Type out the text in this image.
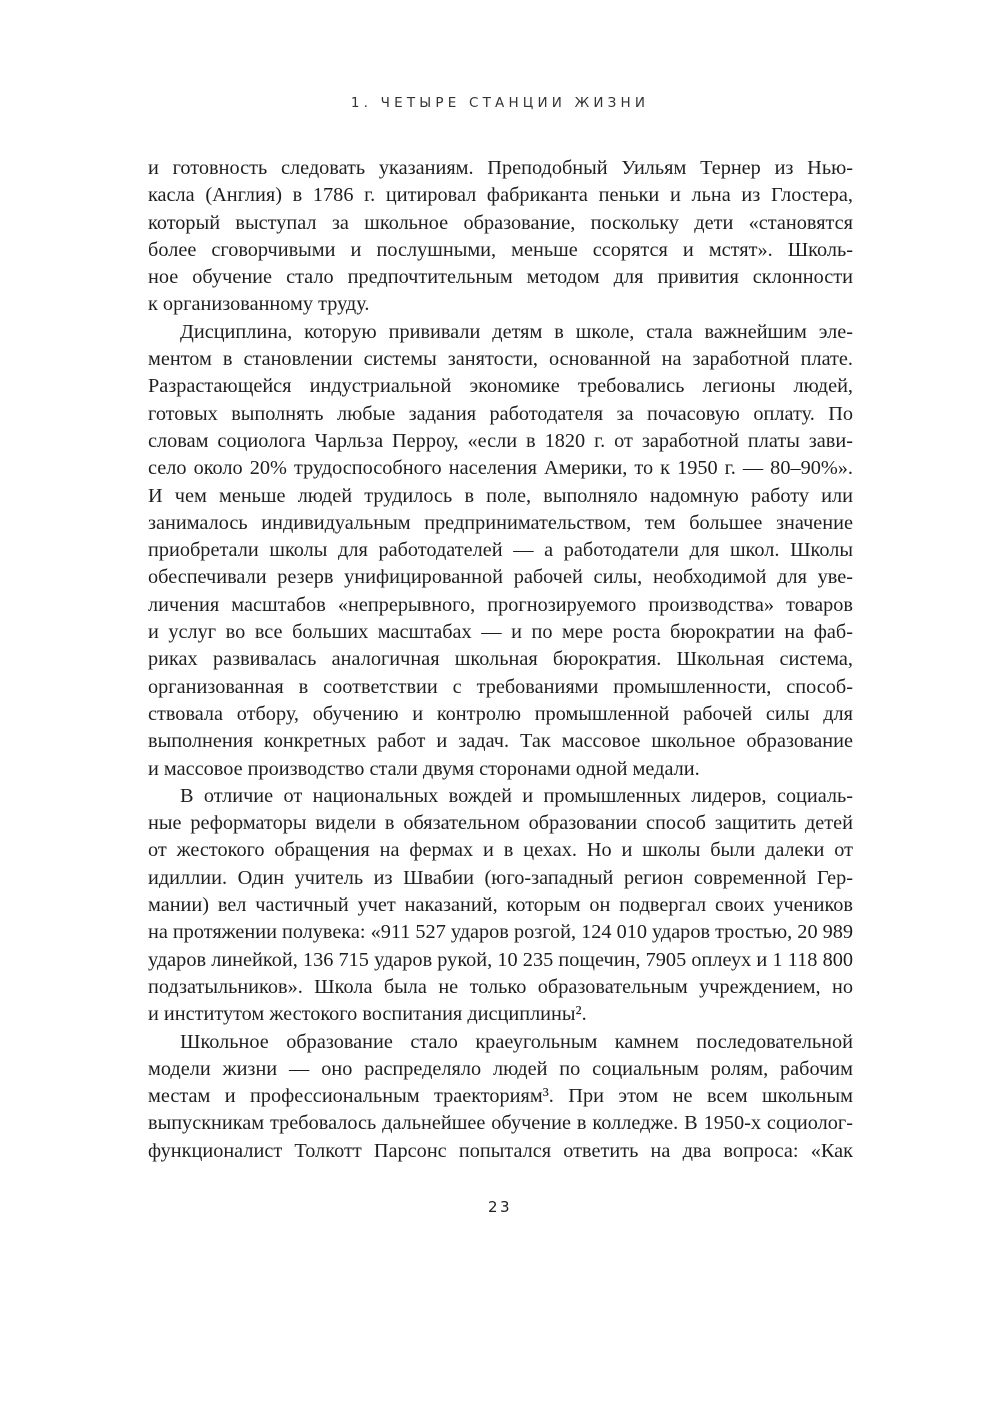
1. ЧЕТЫРЕ СТАНЦИИ ЖИЗНИ
и готовность следовать указаниям. Преподобный Уильям Тернер из Нью-
касла (Англия) в 1786 г. цитировал фабриканта пеньки и льна из Глостера,
который выступал за школьное образование, поскольку дети «становятся
более сговорчивыми и послушными, меньше ссорятся и мстят». Школь-
ное обучение стало предпочтительным методом для привития склонности
к организованному труду.
Дисциплина, которую прививали детям в школе, стала важнейшим эле-
ментом в становлении системы занятости, основанной на заработной плате.
Разрастающейся индустриальной экономике требовались легионы людей,
готовых выполнять любые задания работодателя за почасовую оплату. По
словам социолога Чарльза Перроу, «если в 1820 г. от заработной платы зави-
село около 20% трудоспособного населения Америки, то к 1950 г. — 80–90%».
И чем меньше людей трудилось в поле, выполняло надомную работу или
занималось индивидуальным предпринимательством, тем большее значение
приобретали школы для работодателей — а работодатели для школ. Школы
обеспечивали резерв унифицированной рабочей силы, необходимой для уве-
личения масштабов «непрерывного, прогнозируемого производства» товаров
и услуг во все больших масштабах — и по мере роста бюрократии на фаб-
риках развивалась аналогичная школьная бюрократия. Школьная система,
организованная в соответствии с требованиями промышленности, способ-
ствовала отбору, обучению и контролю промышленной рабочей силы для
выполнения конкретных работ и задач. Так массовое школьное образование
и массовое производство стали двумя сторонами одной медали.
В отличие от национальных вождей и промышленных лидеров, социаль-
ные реформаторы видели в обязательном образовании способ защитить детей
от жестокого обращения на фермах и в цехах. Но и школы были далеки от
идиллии. Один учитель из Швабии (юго-западный регион современной Гер-
мании) вел частичный учет наказаний, которым он подвергал своих учеников
на протяжении полувека: «911 527 ударов розгой, 124 010 ударов тростью, 20 989
ударов линейкой, 136 715 ударов рукой, 10 235 пощечин, 7905 оплеух и 1 118 800
подзатыльников». Школа была не только образовательным учреждением, но
и институтом жестокого воспитания дисциплины².
Школьное образование стало краеугольным камнем последовательной
модели жизни — оно распределяло людей по социальным ролям, рабочим
местам и профессиональным траекториям³. При этом не всем школьным
выпускникам требовалось дальнейшее обучение в колледже. В 1950-х социолог-
функционалист Толкотт Парсонс попытался ответить на два вопроса: «Как
23
